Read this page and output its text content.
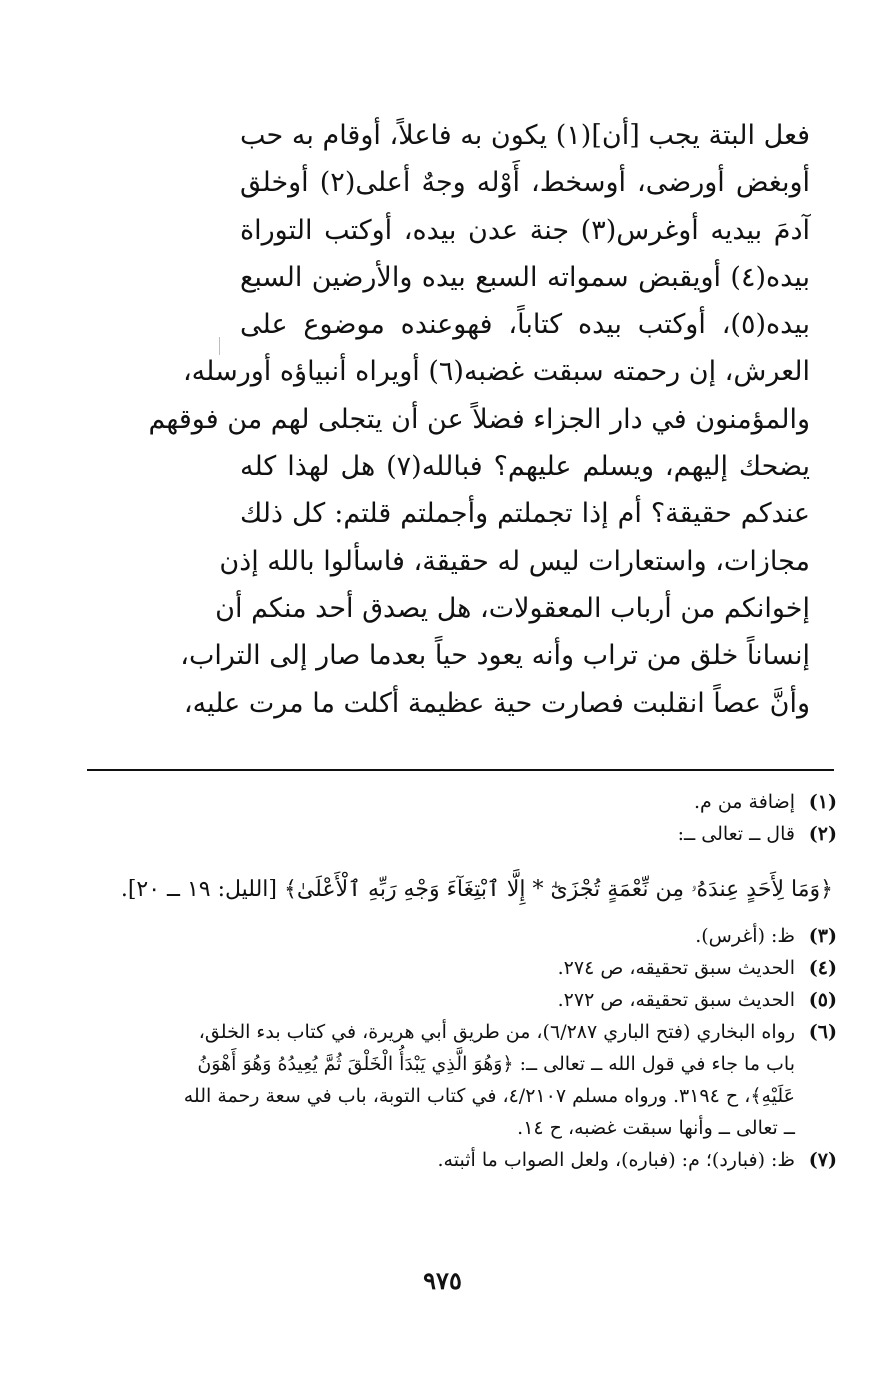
فعل البتة يجب [أن](١) يكون به فاعلاً، أوقام به حب
أوبغض أورضى، أوسخط، أَوْله وجهٌ أعلى(٢) أوخلق
آدمَ بيديه أوغرس(٣) جنة عدن بيده، أوكتب التوراة
بيده(٤) أويقبض سمواته السبع بيده والأرضين السبع
بيده(٥)، أوكتب بيده كتاباً، فهوعنده موضوع على
العرش، إن رحمته سبقت غضبه(٦) أويراه أنبياؤه أورسله،
والمؤمنون في دار الجزاء فضلاً عن أن يتجلى لهم من فوقهم
يضحك إليهم، ويسلم عليهم؟ فبالله(٧) هل لهذا كله
عندكم حقيقة؟ أم إذا تجملتم وأجملتم قلتم: كل ذلك
مجازات، واستعارات ليس له حقيقة، فاسألوا بالله إذن
إخوانكم من أرباب المعقولات، هل يصدق أحد منكم أن
إنساناً خلق من تراب وأنه يعود حياً بعدما صار إلى التراب،
وأنَّ عصاً انقلبت فصارت حية عظيمة أكلت ما مرت عليه،
(١)
إضافة من م.
(٢)
قال ــ تعالى ــ:
﴿وَمَا لِأَحَدٍ عِندَهُۥ مِن نِّعْمَةٍ تُجْزَىٰٓ * إِلَّا ٱبْتِغَآءَ وَجْهِ رَبِّهِ ٱلْأَعْلَىٰ﴾ [الليل: ١٩ ــ ٢٠].
(٣)
ظ: (أغرس).
(٤)
الحديث سبق تحقيقه، ص ٢٧٤.
(٥)
الحديث سبق تحقيقه، ص ٢٧٢.
(٦)
رواه البخاري (فتح الباري ٦/٢٨٧)، من طريق أبي هريرة، في كتاب بدء الخلق،
باب ما جاء في قول الله ــ تعالى ــ: ﴿وَهُوَ الَّذِي يَبْدَأُ الْخَلْقَ ثُمَّ يُعِيدُهُ وَهُوَ أَهْوَنُ
عَلَيْهِ﴾، ح ٣١٩٤. ورواه مسلم ٤/٢١٠٧، في كتاب التوبة، باب في سعة رحمة الله
ــ تعالى ــ وأنها سبقت غضبه، ح ١٤.
(٧)
ظ: (فبارد)؛ م: (فباره)، ولعل الصواب ما أثبته.
٩٧٥
